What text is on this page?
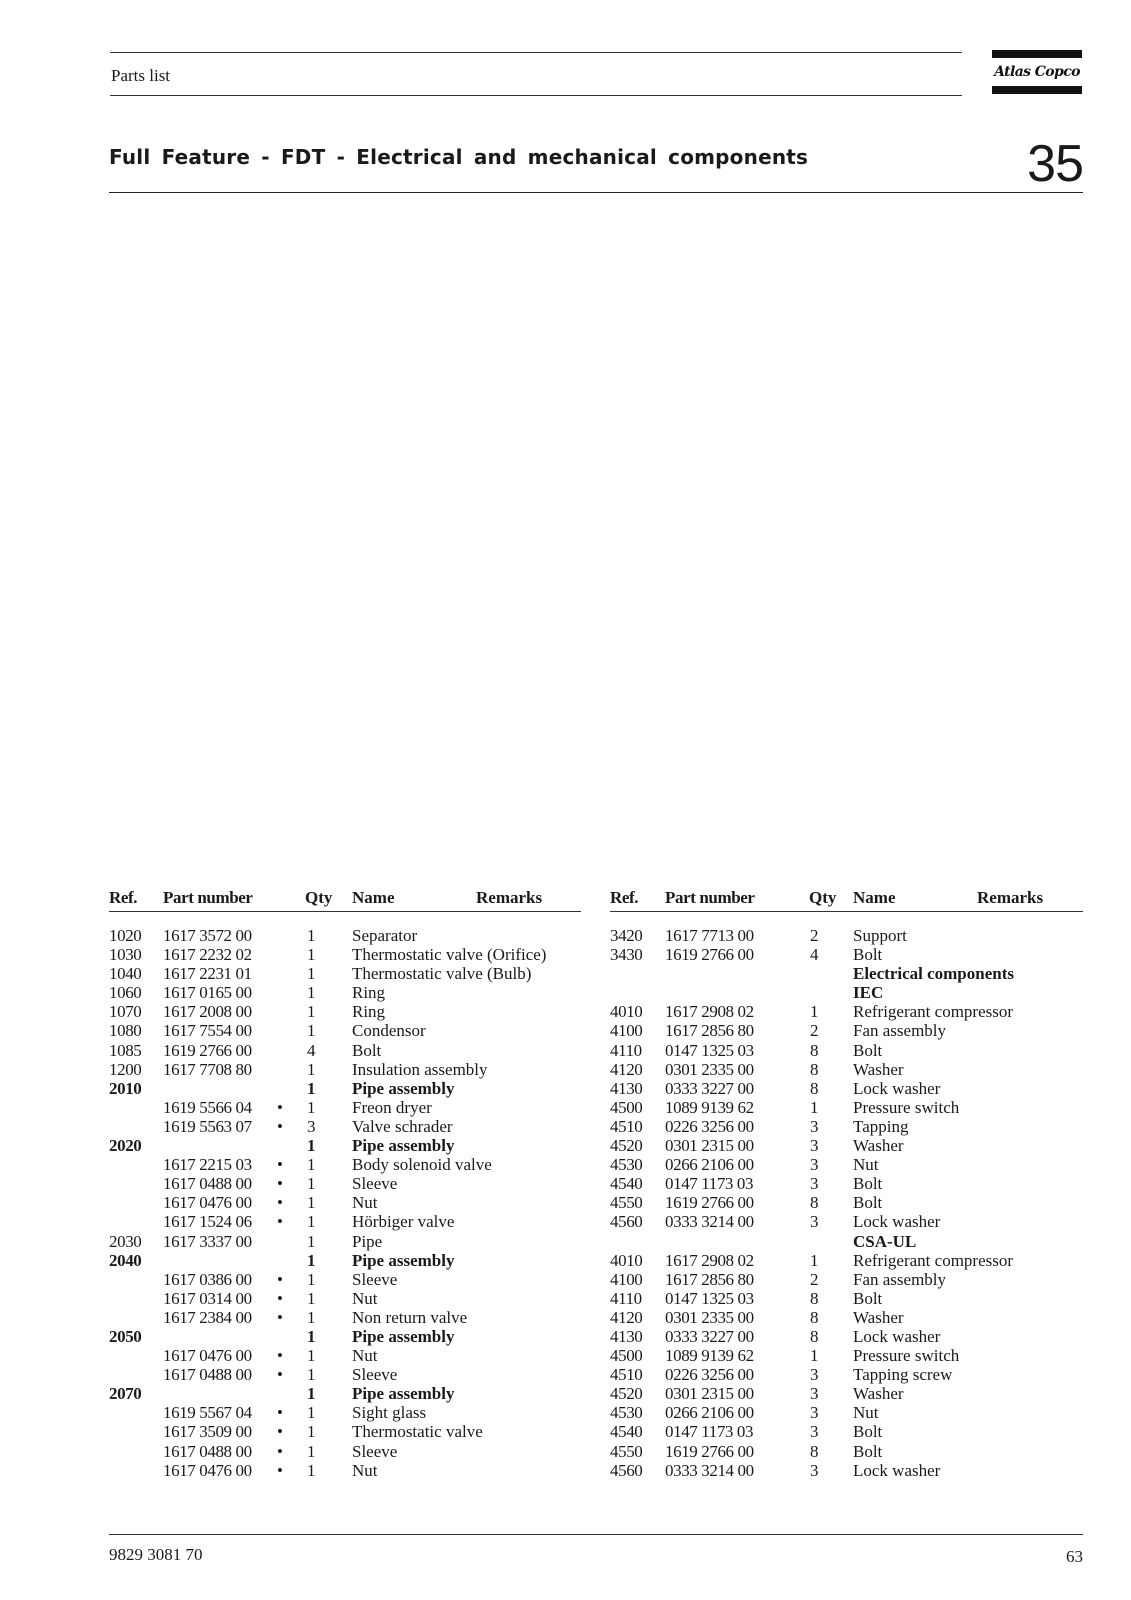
Parts list	Atlas Copco
Full Feature - FDT - Electrical and mechanical components	35
Ref. Part number	Qty Name	Remarks
1020 1617 3572 00	1 Separator
1030 1617 2232 02	1 Thermostatic valve (Orifice)
1040 1617 2231 01	1 Thermostatic valve (Bulb)
1060 1617 0165 00	1 Ring
1070 1617 2008 00	1 Ring
1080 1617 7554 00	1 Condensor
1085 1619 2766 00	4 Bolt
1200 1617 7708 80	1 Insulation assembly
2010	1 Pipe assembly
1619 5566 04 • 1 Freon dryer
1619 5563 07 • 3 Valve schrader
2020	1 Pipe assembly
1617 2215 03 • 1 Body solenoid valve
1617 0488 00 • 1 Sleeve
1617 0476 00 • 1 Nut
1617 1524 06 • 1 Hörbiger valve
2030 1617 3337 00	1 Pipe
2040	1 Pipe assembly
1617 0386 00 • 1 Sleeve
1617 0314 00 • 1 Nut
1617 2384 00 • 1 Non return valve
2050	1 Pipe assembly
1617 0476 00 • 1 Nut
1617 0488 00 • 1 Sleeve
2070	1 Pipe assembly
1619 5567 04 • 1 Sight glass
1617 3509 00 • 1 Thermostatic valve
1617 0488 00 • 1 Sleeve
1617 0476 00 • 1 Nut
Ref. Part number	Qty Name	Remarks
3420 1617 7713 00	2 Support
3430 1619 2766 00	4 Bolt
Electrical components
IEC
4010 1617 2908 02	1 Refrigerant compressor
4100 1617 2856 80	2 Fan assembly
4110 0147 1325 03	8 Bolt
4120 0301 2335 00	8 Washer
4130 0333 3227 00	8 Lock washer
4500 1089 9139 62	1 Pressure switch
4510 0226 3256 00	3 Tapping
4520 0301 2315 00	3 Washer
4530 0266 2106 00	3 Nut
4540 0147 1173 03	3 Bolt
4550 1619 2766 00	8 Bolt
4560 0333 3214 00	3 Lock washer
CSA-UL
4010 1617 2908 02	1 Refrigerant compressor
4100 1617 2856 80	2 Fan assembly
4110 0147 1325 03	8 Bolt
4120 0301 2335 00	8 Washer
4130 0333 3227 00	8 Lock washer
4500 1089 9139 62	1 Pressure switch
4510 0226 3256 00	3 Tapping screw
4520 0301 2315 00	3 Washer
4530 0266 2106 00	3 Nut
4540 0147 1173 03	3 Bolt
4550 1619 2766 00	8 Bolt
4560 0333 3214 00	3 Lock washer
9829 3081 70	63
